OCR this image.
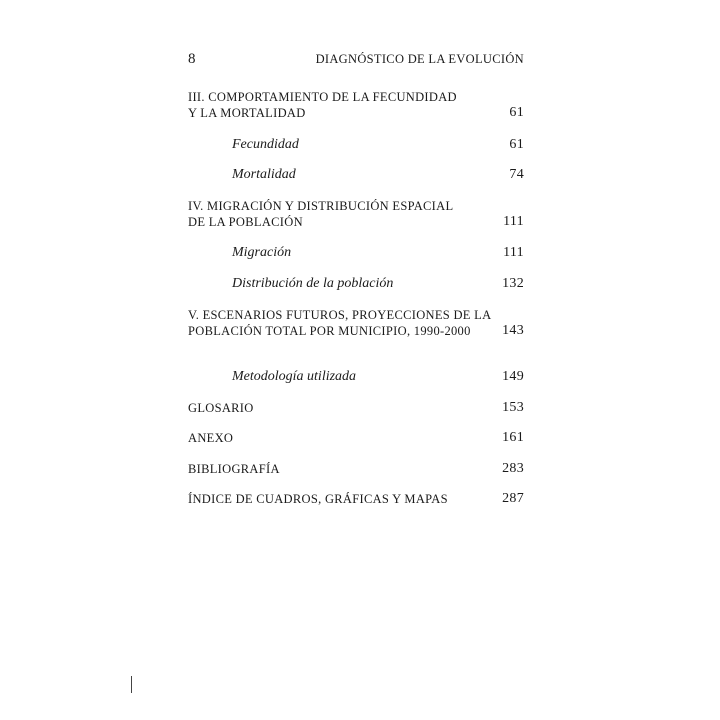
8	DIAGNÓSTICO DE LA EVOLUCIÓN
III. COMPORTAMIENTO DE LA FECUNDIDAD
Y LA MORTALIDAD	61
Fecundidad	61
Mortalidad	74
IV. MIGRACIÓN Y DISTRIBUCIÓN ESPACIAL
DE LA POBLACIÓN	111
Migración	111
Distribución de la población	132
V. ESCENARIOS FUTUROS, PROYECCIONES DE LA
POBLACIÓN TOTAL POR MUNICIPIO, 1990-2000	143
Metodología utilizada	149
GLOSARIO	153
ANEXO	161
BIBLIOGRAFÍA	283
ÍNDICE DE CUADROS, GRÁFICAS Y MAPAS	287
